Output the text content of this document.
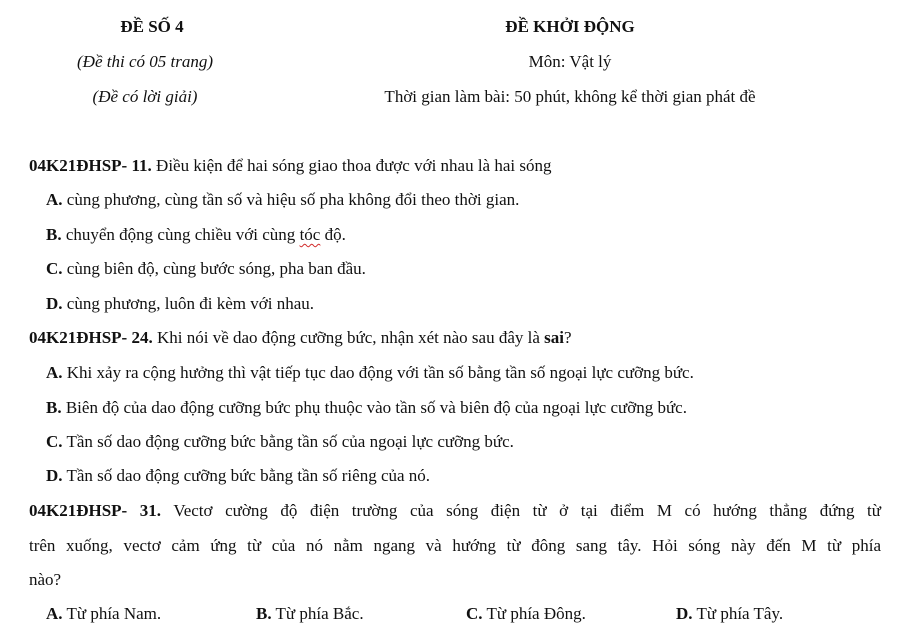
ĐỀ SỐ 4	ĐỀ KHỞI ĐỘNG
(Đề thi có 05 trang)	Môn: Vật lý
(Đề có lời giải)	Thời gian làm bài: 50 phút, không kể thời gian phát đề
04K21ĐHSP- 11. Điều kiện để hai sóng giao thoa được với nhau là hai sóng
A. cùng phương, cùng tần số và hiệu số pha không đổi theo thời gian.
B. chuyển động cùng chiều với cùng tóc độ.
C. cùng biên độ, cùng bước sóng, pha ban đầu.
D. cùng phương, luôn đi kèm với nhau.
04K21ĐHSP- 24. Khi nói về dao động cưỡng bức, nhận xét nào sau đây là sai?
A. Khi xảy ra cộng hưởng thì vật tiếp tục dao động với tần số bằng tần số ngoại lực cưỡng bức.
B. Biên độ của dao động cưỡng bức phụ thuộc vào tần số và biên độ của ngoại lực cưỡng bức.
C. Tần số dao động cưỡng bức bằng tần số của ngoại lực cưỡng bức.
D. Tần số dao động cưỡng bức bằng tần số riêng của nó.
04K21ĐHSP- 31. Vectơ cường độ điện trường của sóng điện từ ở tại điểm M có hướng thẳng đứng từ
trên xuống, vectơ cảm ứng từ của nó nằm ngang và hướng từ đông sang tây. Hỏi sóng này đến M từ phía
nào?
A. Từ phía Nam.	B. Từ phía Bắc.	C. Từ phía Đông.	D. Từ phía Tây.
